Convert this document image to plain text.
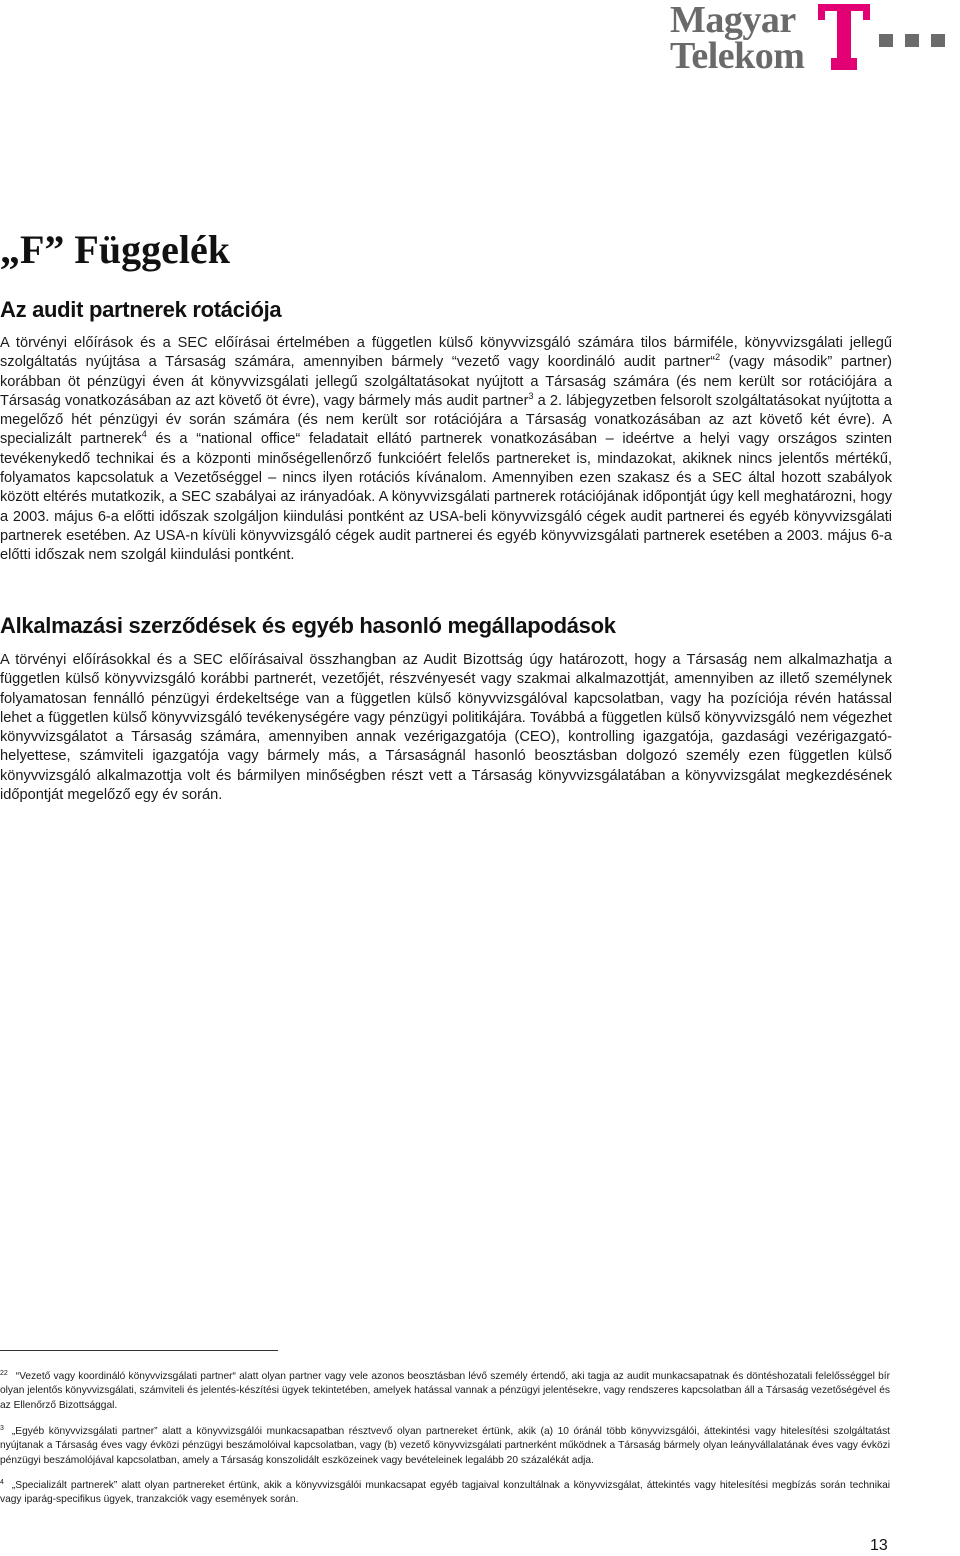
Magyar
Telekom
„F” Függelék
Az audit partnerek rotációja

A törvényi előírások és a SEC előírásai értelmében a független külső könyvvizsgáló számára tilos bármiféle, könyvvizsgálati jellegű szolgáltatás nyújtása a Társaság számára, amennyiben bármely “vezető vagy koordináló audit partner“$^2$ (vagy második” partner) korábban öt pénzügyi éven át könyvvizsgálati jellegű szolgáltatásokat nyújtott a Társaság számára (és nem került sor rotációjára a Társaság vonatkozásában az azt követő öt évre), vagy bármely más audit partner$^3$ a 2. lábjegyzetben felsorolt szolgáltatásokat nyújtotta a megelőző hét pénzügyi év során számára (és nem került sor rotációjára a Társaság vonatkozásában az azt követő két évre). A specializált partnerek$^4$ és a “national office“ feladatait ellátó partnerek vonatkozásában – ideértve a helyi vagy országos szinten tevékenykedő technikai és a központi minőségellenőrző funkcióért felelős partnereket is, mindazokat, akiknek nincs jelentős mértékű, folyamatos kapcsolatuk a Vezetőséggel – nincs ilyen rotációs kívánalom. Amennyiben ezen szakasz és a SEC által hozott szabályok között eltérés mutatkozik, a SEC szabályai az irányadóak. A könyvvizsgálati partnerek rotációjának időpontját úgy kell meghatározni, hogy a 2003. május 6-a előtti időszak szolgáljon kiindulási pontként az USA-beli könyvvizsgáló cégek audit partnerei és egyéb könyvvizsgálati partnerek esetében. Az USA-n kívüli könyvvizsgáló cégek audit partnerei és egyéb könyvvizsgálati partnerek esetében a 2003. május 6-a előtti időszak nem szolgál kiindulási pontként.

Alkalmazási szerződések és egyéb hasonló megállapodások

A törvényi előírásokkal és a SEC előírásaival összhangban az Audit Bizottság úgy határozott, hogy a Társaság nem alkalmazhatja a független külső könyvvizsgáló korábbi partnerét, vezetőjét, részvényesét vagy szakmai alkalmazottját, amennyiben az illető személynek folyamatosan fennálló pénzügyi érdekeltsége van a független külső könyvvizsgálóval kapcsolatban, vagy ha pozíciója révén hatással lehet a független külső könyvvizsgáló tevékenységére vagy pénzügyi politikájára. Továbbá a független külső könyvvizsgáló nem végezhet könyvvizsgálatot a Társaság számára, amennyiben annak vezérigazgatója (CEO), kontrolling igazgatója, gazdasági vezérigazgató-helyettese, számviteli igazgatója vagy bármely más, a Társaságnál hasonló beosztásban dolgozó személy ezen független külső könyvvizsgáló alkalmazottja volt és bármilyen minőségben részt vett a Társaság könyvvizsgálatában a könyvvizsgálat megkezdésének időpontját megelőző egy év során.

$^{22}$ “Vezető vagy koordináló könyvvizsgálati partner“ alatt olyan partner vagy vele azonos beosztásban lévő személy értendő, aki tagja az audit munkacsapatnak és döntéshozatali felelősséggel bír olyan jelentős könyvvizsgálati, számviteli és jelentés-készítési ügyek tekintetében, amelyek hatással vannak a pénzügyi jelentésekre, vagy rendszeres kapcsolatban áll a Társaság vezetőségével és az Ellenőrző Bizottsággal.

$^3$ „Egyéb könyvvizsgálati partner” alatt a könyvvizsgálói munkacsapatban résztvevő olyan partnereket értünk, akik (a) 10 óránál több könyvvizsgálói, áttekintési vagy hitelesítési szolgáltatást nyújtanak a Társaság éves vagy évközi pénzügyi beszámolóival kapcsolatban, vagy (b) vezető könyvvizsgálati partnerként működnek a Társaság bármely olyan leányvállalatának éves vagy évközi pénzügyi beszámolójával kapcsolatban, amely a Társaság konszolidált eszközeinek vagy bevételeinek legalább 20 százalékát adja.

$^4$ „Specializált partnerek” alatt olyan partnereket értünk, akik a könyvvizsgálói munkacsapat egyéb tagjaival konzultálnak a könyvvizsgálat, áttekintés vagy hitelesítési megbízás során technikai vagy iparág-specifikus ügyek, tranzakciók vagy események során.

13
